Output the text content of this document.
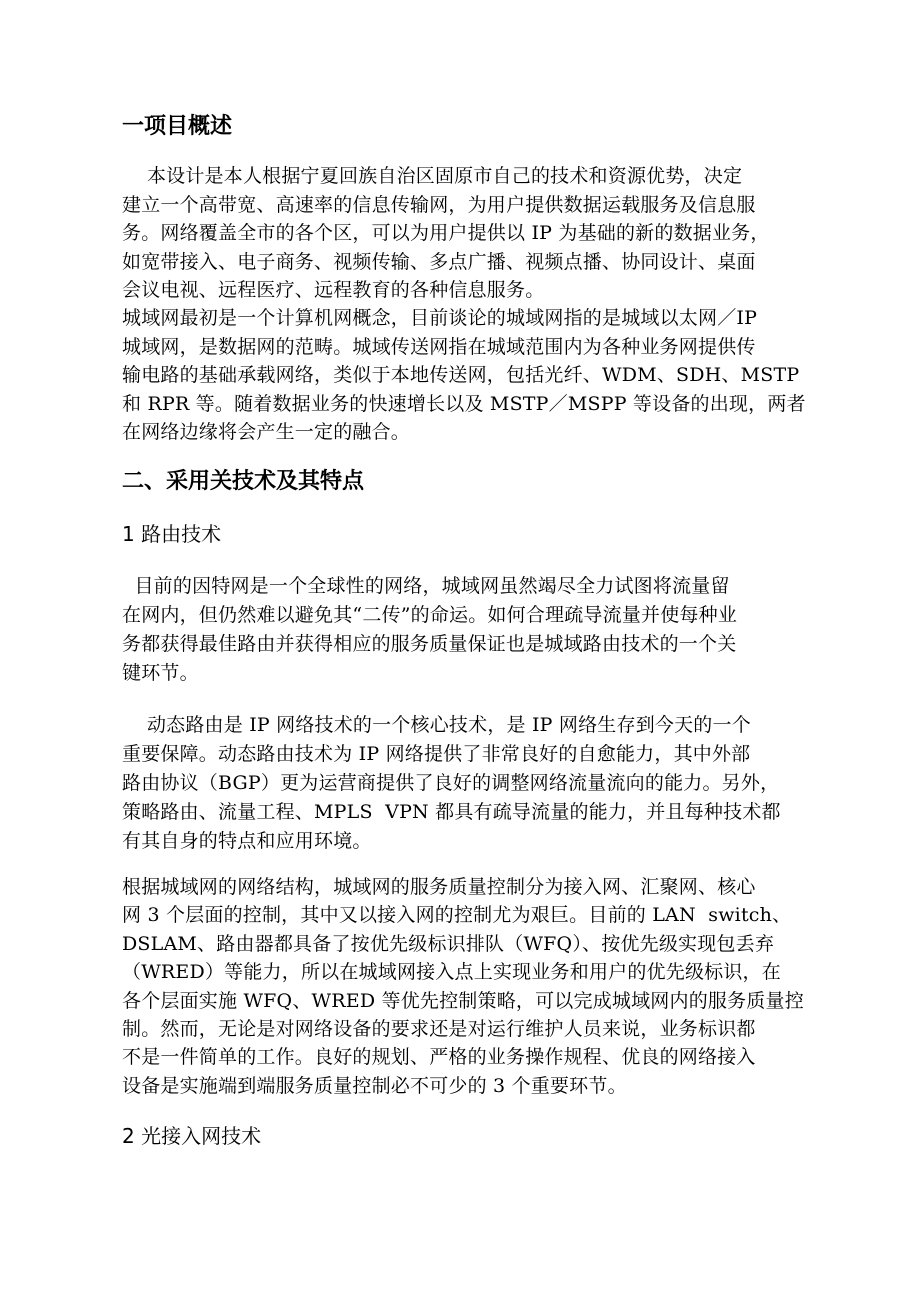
一项目概述
本设计是本人根据宁夏回族自治区固原市自己的技术和资源优势，决定
建立一个高带宽、高速率的信息传输网，为用户提供数据运载服务及信息服
务。网络覆盖全市的各个区，可以为用户提供以 IP 为基础的新的数据业务，
如宽带接入、电子商务、视频传输、多点广播、视频点播、协同设计、桌面
会议电视、远程医疗、远程教育的各种信息服务。
城域网最初是一个计算机网概念，目前谈论的城域网指的是城域以太网／IP
城域网，是数据网的范畴。城域传送网指在城域范围内为各种业务网提供传
输电路的基础承载网络，类似于本地传送网，包括光纤、WDM、SDH、MSTP
和 RPR 等。随着数据业务的快速增长以及 MSTP／MSPP 等设备的出现，两者
在网络边缘将会产生一定的融合。
二、采用关技术及其特点
1 路由技术
目前的因特网是一个全球性的网络，城域网虽然竭尽全力试图将流量留
在网内，但仍然难以避免其“二传”的命运。如何合理疏导流量并使每种业
务都获得最佳路由并获得相应的服务质量保证也是城域路由技术的一个关
键环节。
动态路由是 IP 网络技术的一个核心技术，是 IP 网络生存到今天的一个
重要保障。动态路由技术为 IP 网络提供了非常良好的自愈能力，其中外部
路由协议（BGP）更为运营商提供了良好的调整网络流量流向的能力。另外，
策略路由、流量工程、MPLS  VPN 都具有疏导流量的能力，并且每种技术都
有其自身的特点和应用环境。
根据城域网的网络结构，城域网的服务质量控制分为接入网、汇聚网、核心
网 3 个层面的控制，其中又以接入网的控制尤为艰巨。目前的 LAN  switch、
DSLAM、路由器都具备了按优先级标识排队（WFQ）、按优先级实现包丢弃
（WRED）等能力，所以在城域网接入点上实现业务和用户的优先级标识，在
各个层面实施 WFQ、WRED 等优先控制策略，可以完成城域网内的服务质量控
制。然而，无论是对网络设备的要求还是对运行维护人员来说，业务标识都
不是一件简单的工作。良好的规划、严格的业务操作规程、优良的网络接入
设备是实施端到端服务质量控制必不可少的 3 个重要环节。
2 光接入网技术
